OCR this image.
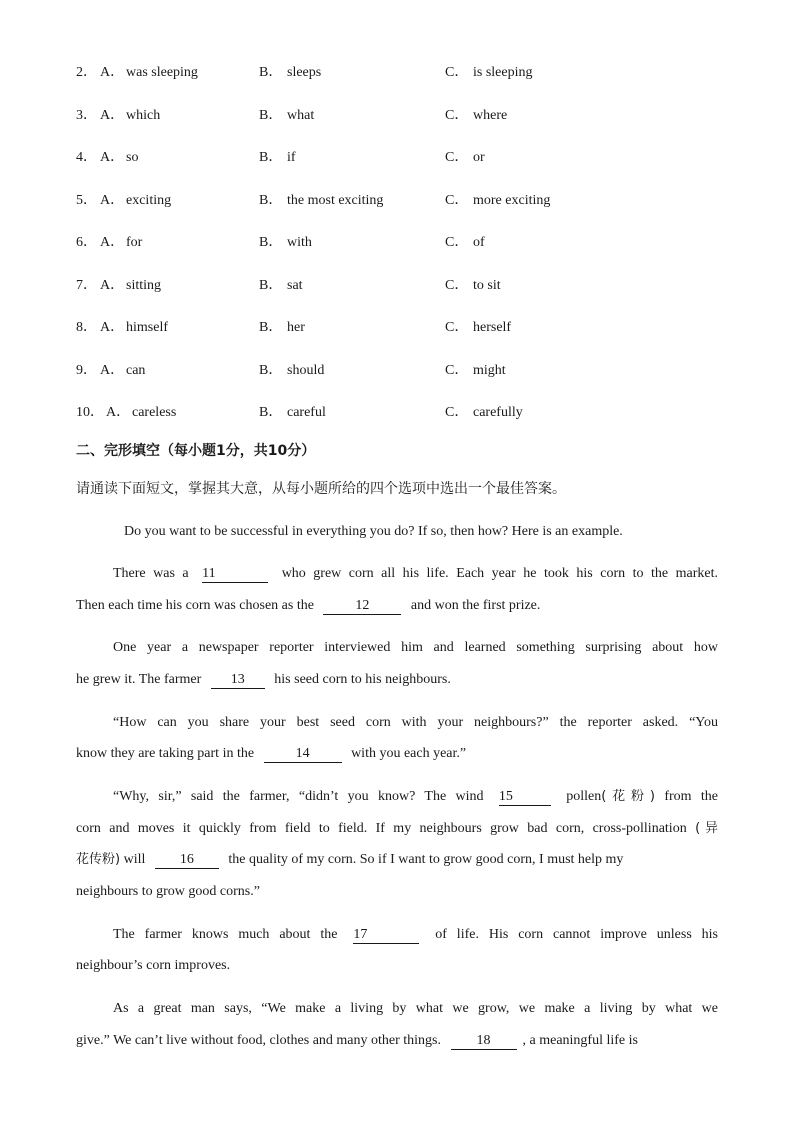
2． A． was sleeping	B． sleeps	C． is sleeping
3． A． which	B． what	C． where
4． A． so	B． if	C． or
5． A． exciting	B． the most exciting	C． more exciting
6． A． for	B． with	C． of
7． A． sitting	B． sat	C． to sit
8． A． himself	B． her	C． herself
9． A． can	B． should	C． might
10． A． careless	B． careful	C． carefully
二、完形填空（每小题1分，共10分）
请通读下面短文，掌握其大意，从每小题所给的四个选项中选出一个最佳答案。
Do you want to be successful in everything you do? If so, then how? Here is an example.
There was a 11	who grew corn all his life. Each year he took his corn to the market.
Then each time his corn was chosen as the	12	and won the first prize.
One year a newspaper reporter interviewed him and learned something surprising about how
he grew it. The farmer 13 his seed corn to his neighbours.
“How can you share your best seed corn with your neighbours?” the reporter asked. “You
know they are taking part in the	14	with you each year.”
“Why, sir,” said the farmer, “didn’t you know? The wind 15	pollen(花粉) from the
corn and moves it quickly from field to field. If my neighbours grow bad corn, cross-pollination (异
花传粉) will 16 the quality of my corn. So if I want to grow good corn, I must help my
neighbours to grow good corns.”
The farmer knows much about the 17	of life. His corn cannot improve unless his
neighbour’s corn improves.
As a great man says, “We make a living by what we grow, we make a living by what we
give.” We can’t live without food, clothes and many other things.	18 , a meaningful life is
